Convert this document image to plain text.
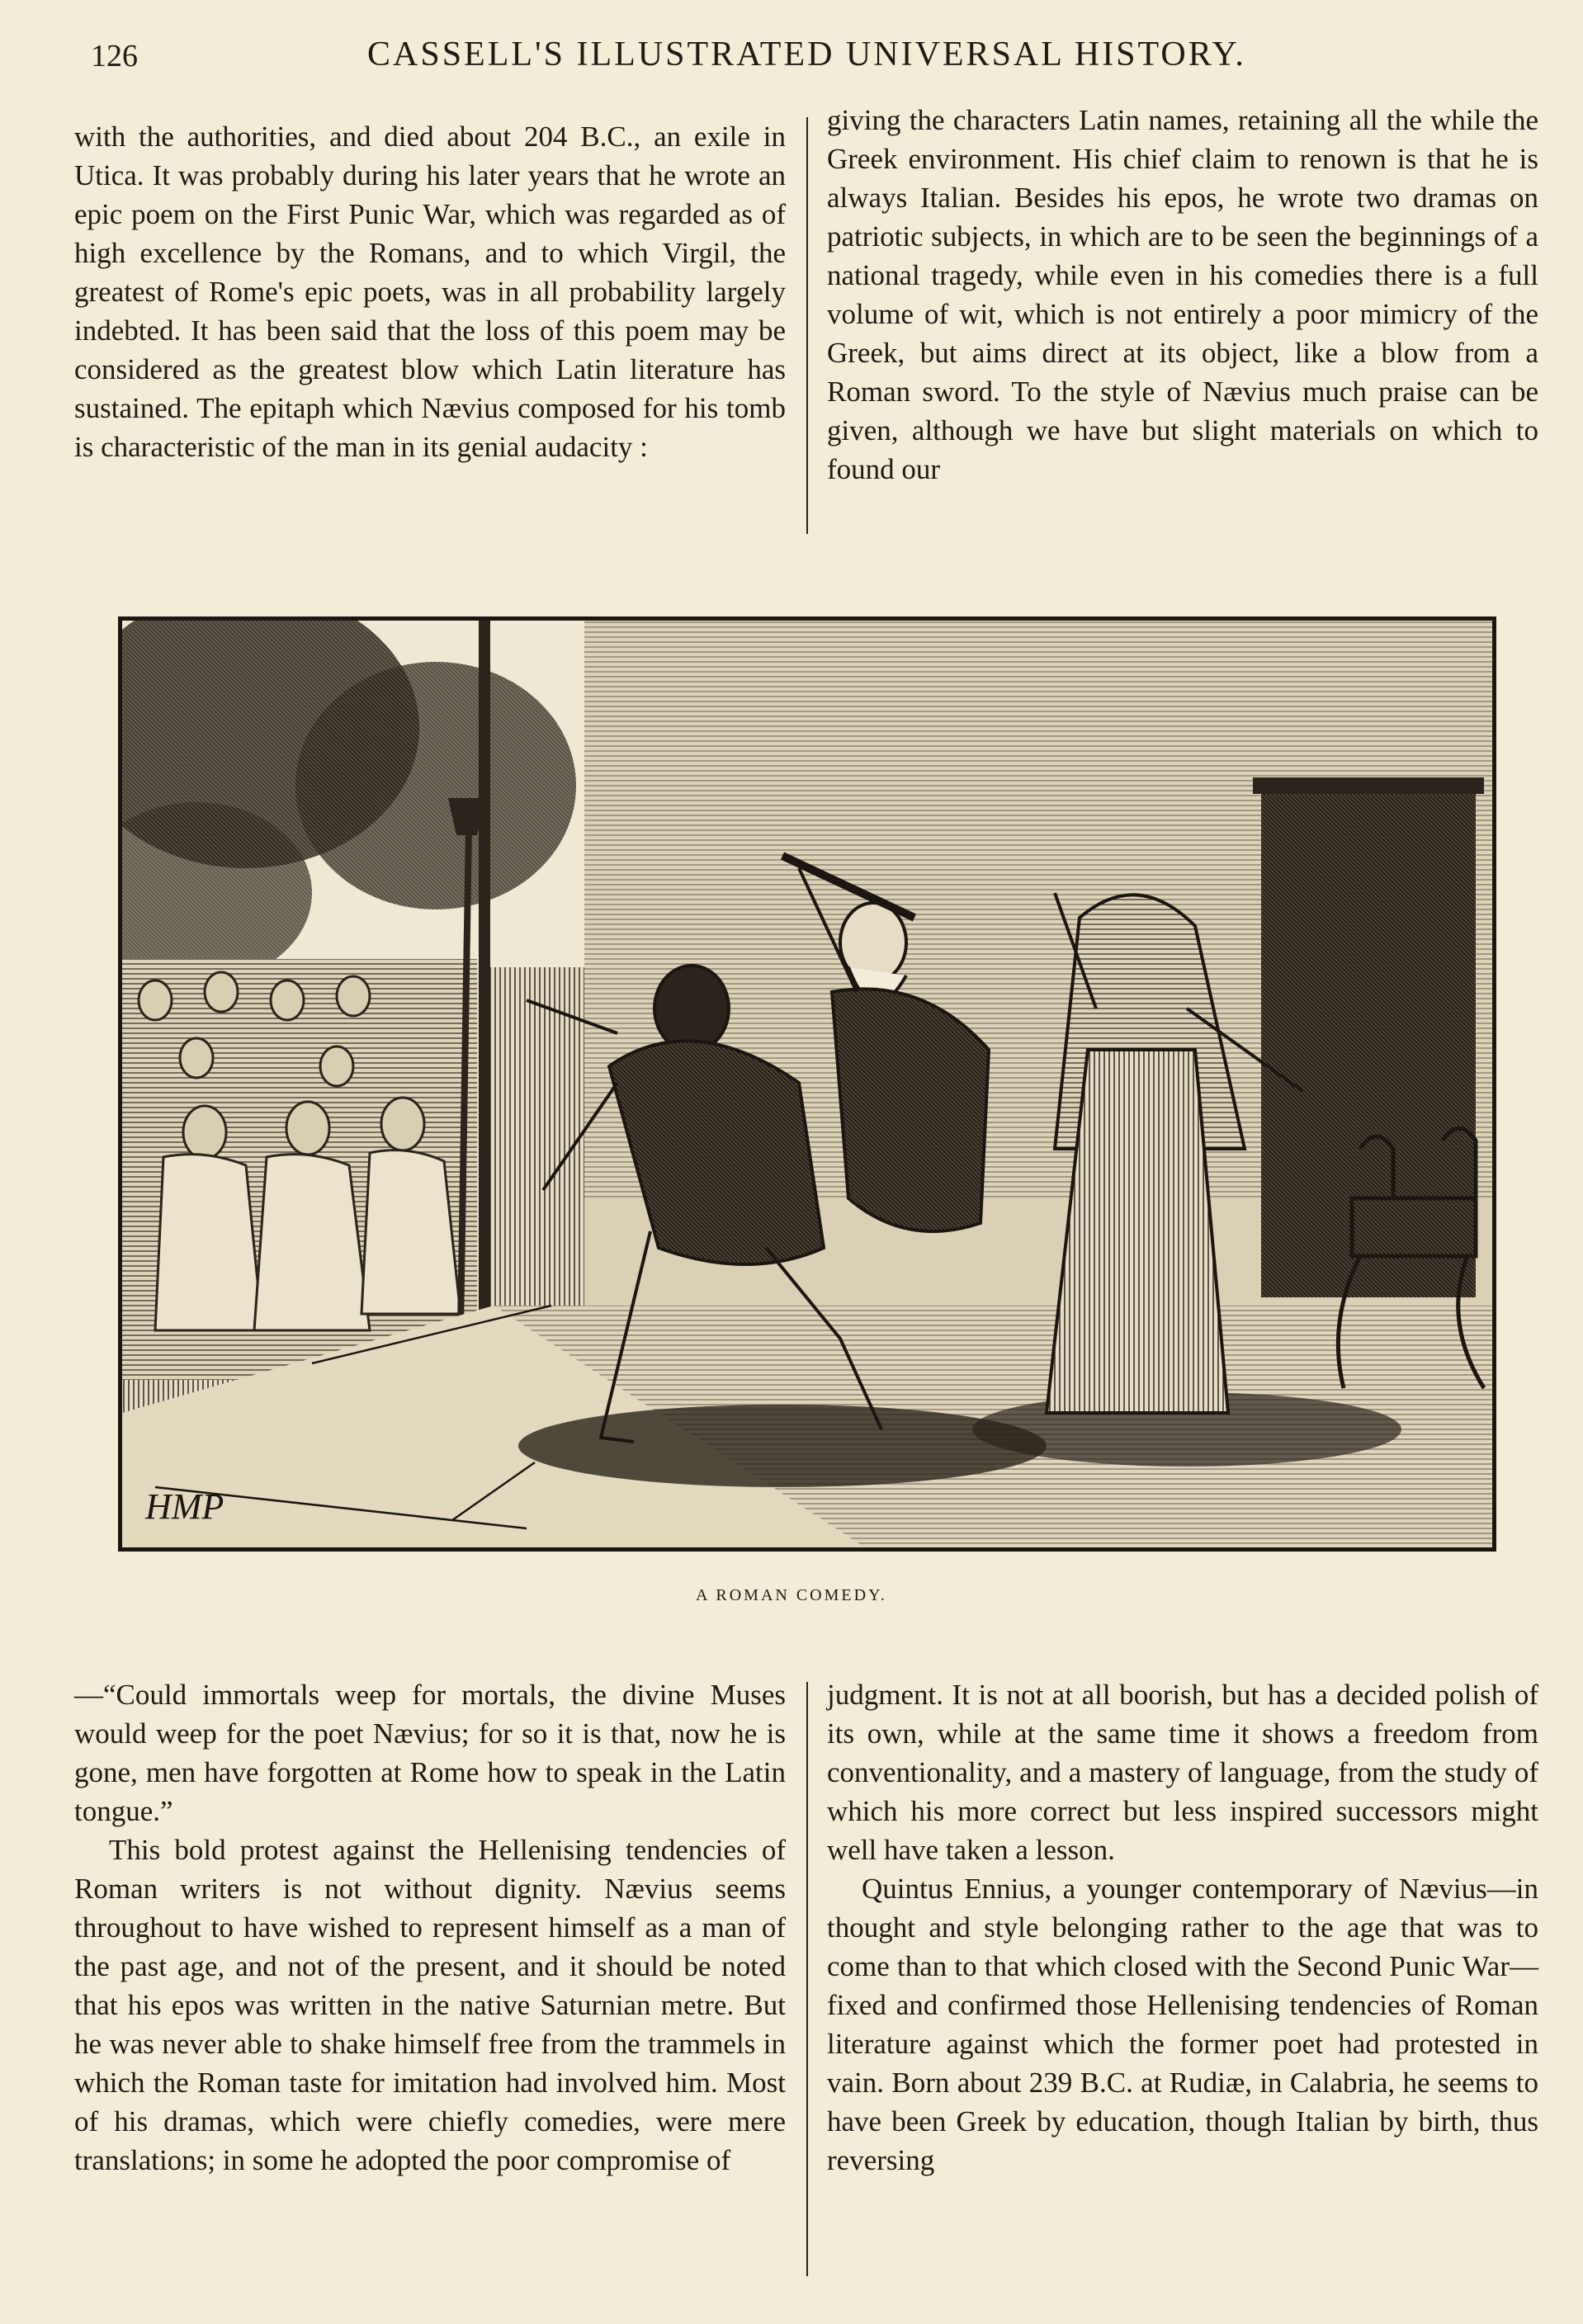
126	CASSELL'S ILLUSTRATED UNIVERSAL HISTORY.

with the authorities, and died about 204 B.C., an exile in Utica. It was probably during his later years that he wrote an epic poem on the First Punic War, which was regarded as of high excellence by the Romans, and to which Virgil, the greatest of Rome's epic poets, was in all probability largely indebted. It has been said that the loss of this poem may be considered as the greatest blow which Latin literature has sustained. The epitaph which Nævius composed for his tomb is characteristic of the man in its genial audacity :

giving the characters Latin names, retaining all the while the Greek environment. His chief claim to renown is that he is always Italian. Besides his epos, he wrote two dramas on patriotic subjects, in which are to be seen the beginnings of a national tragedy, while even in his comedies there is a full volume of wit, which is not entirely a poor mimicry of the Greek, but aims direct at its object, like a blow from a Roman sword. To the style of Nævius much praise can be given, although we have but slight materials on which to found our

HMP
A ROMAN COMEDY.

—“Could immortals weep for mortals, the divine Muses would weep for the poet Nævius; for so it is that, now he is gone, men have forgotten at Rome how to speak in the Latin tongue.”

This bold protest against the Hellenising tendencies of Roman writers is not without dignity. Nævius seems throughout to have wished to represent himself as a man of the past age, and not of the present, and it should be noted that his epos was written in the native Saturnian metre. But he was never able to shake himself free from the trammels in which the Roman taste for imitation had involved him. Most of his dramas, which were chiefly comedies, were mere translations; in some he adopted the poor compromise of

judgment. It is not at all boorish, but has a decided polish of its own, while at the same time it shows a freedom from conventionality, and a mastery of language, from the study of which his more correct but less inspired successors might well have taken a lesson.

Quintus Ennius, a younger contemporary of Nævius—in thought and style belonging rather to the age that was to come than to that which closed with the Second Punic War—fixed and confirmed those Hellenising tendencies of Roman literature against which the former poet had protested in vain. Born about 239 B.C. at Rudiæ, in Calabria, he seems to have been Greek by education, though Italian by birth, thus reversing
